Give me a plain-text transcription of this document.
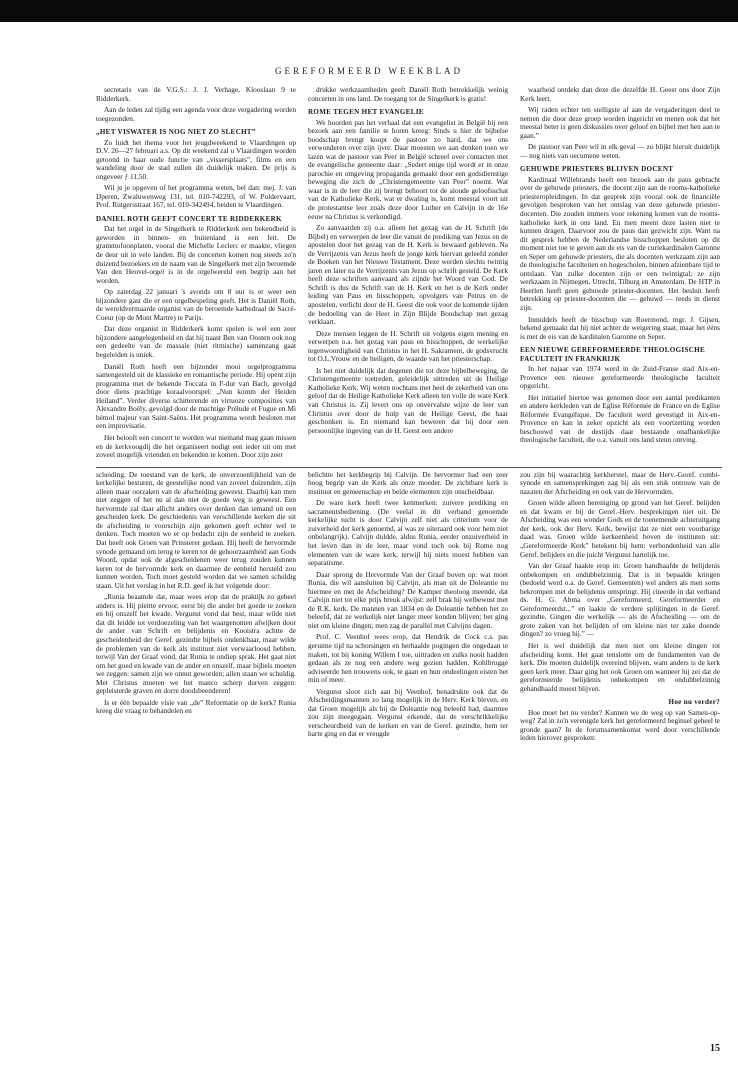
GEREFORMEERD WEEKBLAD

secretaris van de V.G.S.: J. J. Verhage, Klooslaan 9 te Ridderkerk.

Aan de leden zal tijdig een agenda voor deze vergadering worden toegezonden.

„HET VISWATER IS NOG NIET ZO SLECHT”

Zo luidt het thema voor het jeugdweekend te Vlaardingen op D.V. 26—27 februari a.s. Op dit weekend zal u Vlaardingen worden getoond in haar oude functie van „vissersplaats”, films en een wandeling door de stad zullen dit duidelijk maken. De prijs is ongeveer ƒ 11,50.

Wil je je opgeven of het programma weten, bel dan: mej. J. van IJperen, Zwaluwenweg 131, tel. 010-742293, of W. Poldervaart, Prof. Rutgersstraat 167, tel. 010-342494, beiden te Vlaardingen.

DANIEL ROTH GEEFT CONCERT TE RIDDERKERK

Dat het orgel in de Singelkerk te Ridderkerk een bekendheid is geworden in binnen- en buitenland is een feit. De grammofoonplaten, vooral die Michelle Leclerc er maakte, vliegen de deur uit in vele landen. Bij de concerten komen nog steeds zo'n duizend bezoekers en de naam van de Singelkerk met zijn beroemde Van den Heuvel-orgel is in de orgelwereld een begrip aan het worden.

Op zaterdag 22 januari 's avonds om 8 uur is er weer een bijzondere gast die er een orgelbespeling geeft. Het is Daniël Roth, de wereldvermaarde organist van de beroemde kathedraal de Sacré-Coeur (op de Mont Martre) te Parijs.

Dat deze organist in Ridderkerk komt spelen is wel een zeer bijzondere aangelegenheid en dat hij naast Ben van Oosten ook nog een gedeelte van de massale (niet ritmische) samenzang gaat begeleiden is uniek.

Daniël Roth heeft een bijzonder mooi orgelprogramma samengesteld uit de klassieke en romantische periode. Hij opent zijn programma met de bekende Toccata in F-dur van Bach, gevolgd door diens prachtige koraalvoorspel: „Nun komm der Heiden Heiland”. Verder diverse schitterende en virtuoze composities van Alexandre Boëly, gevolgd door de machtige Prélude et Fugue en Mi bémol majeur van Saint-Saëns. Het programma wordt besloten met een improvisatie.

Het belooft een concert te worden wat niemand mag gaan missen en de kerkvoogdij die het organiseert nodigt een ieder uit om met zoveel mogelijk vrienden en bekenden te komen. Door zijn zeer

drukke werkzaamheden geeft Daniël Roth betrekkelijk weinig concerten in ons land. De toegang tot de Singelkerk is gratis!

ROME TEGEN HET EVANGELIE

We hoorden pas het verhaal dat een evangelist in België bij een bezoek aan een familie te horen kreeg: Sinds u hier de bijbelse boodschap brengt koopt de pastoor zo hard, dat we ons verwonderen over zijn ijver. Daar moesten we aan denken toen we lazen wat de pastoor van Peer in België schreef over contacten met de evangelische gemeente daar: „Sedert enige tijd wordt er in onze parochie en omgeving propaganda gemaakt door een godsdienstige beweging die zich de „Christengemeente van Peer” noemt. Wat waar is in de leer die zij brengt behoort tot de aloude geloofsschat van de Katholieke Kerk, wat er dwaling is, komt meestal voort uit de protestantse leer zoals deze door Luther en Calvijn in de 16e eeuw na Christus is verkondigd.

Zo aanvaarden zij o.a. alleen het gezag van de H. Schrift (de Bijbel) en verwerpen de leer die vanuit de prediking van Jezus en de apostelen door het gezag van de H. Kerk is bewaard gebleven. Na de Verrijzenis van Jezus heeft de jonge kerk hiervan geleefd zonder de Boeken van het Nieuwe Testament. Deze werden slechts twintig jaren en later na de Verrijzenis van Jezus op schrift gesteld. De Kerk heeft deze schriften aanvaard als zijnde het Woord van God. De Schrift is dus de Schrift van de H. Kerk en het is de Kerk onder leiding van Paus en bisschoppen, opvolgers van Petrus en de apostelen, verlicht door de H. Geest die ook voor de komende tijden de bedoeling van de Heer in Zijn Blijde Boodschap met gezag verklaart.

Deze mensen leggen de H. Schrift uit volgens eigen mening en verwerpen o.a. het gezag van paus en bisschoppen, de werkelijke tegenwoordigheid van Christus in het H. Sakrament, de godsvrucht tot O.L.Vrouw en de heiligen, de waarde van het priesterschap.

Is het niet duidelijk dat degenen die tot deze bijbelbeweging, de Christengemeente toetreden, geleidelijk uittreden uit de Heilige Katholieke Kerk. Wij weten nochtans met heel de zekerheid van ons geloof dat de Heilige Katholieke Kerk alleen ten volle de ware Kerk van Christus is. Zij levert ons op onvervalste wijze de leer van Christus over door de hulp van de Heilige Geest, die haar geschonken is. En niemand kan beweren dat hij door een persoonlijke ingeving van de H. Geest een andere

waarheid ontdekt dan deze die dezelfde H. Geest ons door Zijn Kerk leert.

Wij raden echter ten stelligste af aan de vergaderingen deel te nemen die door deze groep worden ingericht en menen ook dat het meestal beter is geen diskussies over geloof en bijbel met hen aan te gaan.”

De pastoor van Peer wil in elk geval — zo blijkt hieruit duidelijk — nog niets van oecumene weten.

GEHUWDE PRIESTERS BLIJVEN DOCENT

Kardinaal Willebrands heeft een bezoek aan de paus gebracht over de gehuwde priesters, die docent zijn aan de rooms-katholieke priesteropleidingen. In dat gesprek zijn vooral ook de financiële gevolgen besproken van het ontslag van deze gehuwde priester-docenten. Die zouden immers voor rekening komen van de rooms-katholieke kerk in ons land. En men meent deze lasten niet te kunnen dragen. Daarvoor zou de paus dan gezwicht zijn. Want na dit gesprek hebben de Nederlandse bisschoppen besloten op dit moment niet toe te geven aan de eis van de curiekardinalen Garonne en Seper om gehuwde priesters, die als docenten werkzaam zijn aan de theologische faculteiten en hogescholen, binnen afzienbare tijd te ontslaan. Van zulke docenten zijn er een twintigtal; ze zijn werkzaam in Nijmegen, Utrecht, Tilburg en Amsterdam. De HTP in Heerlen heeft geen gehuwde priester-docenten. Het besluit heeft betrekking op priester-docenten die — gehuwd — reeds in dienst zijn.

Inmiddels heeft de bisschop van Roermond, mgr. J. Gijsen, bekend gemaakt dat hij niet achter de weigering staat, maar het ééns is met de eis van de kardinalen Garonne en Seper.

EEN NIEUWE GEREFORMEERDE THEOLOGISCHE FACULTEIT IN FRANKRIJK

In het najaar van 1974 werd in de Zuid-Franse stad Aix-en-Provence een nieuwe gereformeerde theologische faculteit opgericht.

Het initiatief hiertoe was genomen door een aantal predikanten en andere kerkleden van de Eglise Réformée de France en de Eglise Réformée Evangélique. De faculteit werd gevestigd in Aix-en-Provence en kan in zeker opzicht als een voortzetting worden beschouwd van de destijds daar bestaande onafhankelijke theologische faculteit, die o.a. vanuit ons land steun ontving.

scheiding. De toestand van de kerk, de onverzoenlijkheid van de kerkelijke besturen, de geestelijke nood van zoveel duizenden, zijn alleen maar oorzaken van de afscheiding geweest. Daarbij kan men niet zeggen of het nu al dan niet de goede weg is geweest. Een hervormde zal daar allicht anders over denken dan iemand uit een gescheiden kerk. De geschiedenis van verschillende kerken die uit de afscheiding te voorschijn zijn gekomen geeft echter wel te denken. Toch moeten we er op bedacht zijn de eenheid te zoeken. Dat heeft ook Groen van Prinsterer gedaan. Hij heeft de hervormde synode gemaand om terug te keren tot de gehoorzaamheid aan Gods Woord, opdat ook de afgescheidenen weer terug zouden kunnen keren tot de hervormde kerk en daarmee de eenheid hersteld zou kunnen worden. Toch moet gesteld worden dat we samen schuldig staan. Uit het verslag in het R.D. geef ik het volgende door:

„Runia beaamde dat, maar wees erop dat de praktijk zo geheel anders is. Hij pleitte ervoor, eerst bij die ander het goede te zoeken en bij onszelf het kwade. Vergunst vond dat best, maar wilde niet dat dit leidde tot verdoezeling van het waargenomen afwijken door de ander van Schrift en belijdenis en Kooistra achtte de gescheidenheid der Geref. gezindte bijbels ondenkbaar, maar wilde de problemen van de kerk als instituut niet verwaarloosd hebben, terwijl Van der Graaf vond, dat Runia te ondiep sprak. Het gaat niet om het goed en kwade van de ander en onszelf, maar bijbels moeten we zeggen: samen zijn we onnut geworden; allen staan we schuldig. Met Christus moeten we het manco scherp durven zeggen: gepleisterde graven en dorre doodsbeenderen!

Is er één bepaalde visie van „de” Reformatie op de kerk? Runia kreeg die vraag te behandelen en

belichtte het kerkbegrip bij Calvijn. De hervormer had een zeer hoog begrip van de Kerk als onze moeder. De zichtbare kerk is instituut en gemeenschap en beide elementen zijn onscheidbaar.

De ware kerk heeft twee kenmerken: zuivere prediking en sacramentsbediening. (De veelal in dit verband genoemde kerkelijke tucht is door Calvijn zelf niet als criterium voor de zuiverheid der kerk genoemd, al was ze uiteraard ook voor hem niet onbelangrijk). Calvijn duldde, aldus Runia, eerder onzuiverheid in het leven dan in de leer, maar vond toch ook bij Rome nog elementen van de ware kerk, terwijl hij niets moest hebben van separatisme.

Daar sprong de Hervormde Van der Graaf boven op: wat moet Runia, die wil aansluiten bij Calvijn, als man uit de Doleantie nu hiermee en met de Afscheiding? De Kamper theoloog meende, dat Calvijn niet tot elke prijs breuk afwijst: zelf brak hij welbewust met de R.K. kerk. De mannen van 1834 en de Doleantie hebben het zo beleefd, dat ze werkelijk niet langer meer konden blijven; het ging niet om kleine dingen; men zag de parallel met Calvijns dagen.

Prof. C. Veenhof wees erop, dat Hendrik de Cock c.s. pas geruime tijd na schorsingen en herhaalde pogingen die ongedaan te maken, tot bij koning Willem I toe, uittraden en zulks nooit hadden gedaan als ze nog een andere weg gezien hadden. Kohlbrugge adviseerde hen trouwens ook, te gaan en hun ondeelingen eisten het min of meer.

Vergunst sloot zich aan bij Veenhof, benadrukte ook dat de Afscheidingsmannen zo lang mogelijk in de Herv. Kerk bleven, en dat Groen mogelijk als hij de Doleantie nog beleefd had, daarmee zou zijn meegegaan. Vergunst erkende, dat de verschrikkelijke verscheurdheid van de kerken en van de Geref. gezindte, hem ter harte ging en dat er vreugde

zou zijn bij waarachtig kerkherstel, maar de Herv.-Geref. combi-synode en samensprekingen zag hij als een stuk ontrouw van de nazaten der Afscheiding en ook van de Hervormden.

Groen wilde alleen hereniging op grond van het Geref. belijden en dat kwam er bij de Geref.-Herv. besprekingen niet uit. De Afscheiding was een wonder Gods en de toenemende achteruitgang der kerk, ook der Herv. Kerk, bewijst dat ze niet een voorbarige daad was. Groen wilde kerkeenheid boven de instituten uit: „Gereformeerde Kerk” betekent bij hem: verbondenheid van alle Geref. belijders en die juicht Vergunst hartelijk toe.

Van der Graaf haakte erop in: Groen handhaafde de belijdenis onbekompen en ondubbelzinnig. Dat is in bepaalde kringen (bedoeld werd o.a. de Geref. Gemeenten) wel anders als men soms bekrompen met de belijdenis omspringt. Hij citeerde in dat verband ds. H. G. Abma over „Gereformeerd, Gereformeerder en Gereformeerdst...” en laakte de verdere splijtingen in de Geref. gezindte. Gingen die werkelijk — als de Afscheiding — om de grote zaken van het belijden of om kleine niet ter zake doende dingen? zo vroeg hij.” —

Het is wel duidelijk dat men niet om kleine dingen tot afscheiding komt. Het gaat tenslotte om de fundamenten van de kerk. Die moeten duidelijk overeind blijven, want anders is de kerk geen kerk meer. Daar ging het ook Groen om wanneer hij zei dat de gereformeerde belijdenis onbekompen en ondubbelzinnig gehandhaafd moest blijven.

Hoe nu verder?

Hoe moet het nu verder? Kunnen we de weg op van Samen-op-weg? Zal in zo'n verenigde kerk het gereformeerd beginsel geheel te gronde gaan? In de forumsamenkomst werd door verschillende leden hierover gesproken:

15
